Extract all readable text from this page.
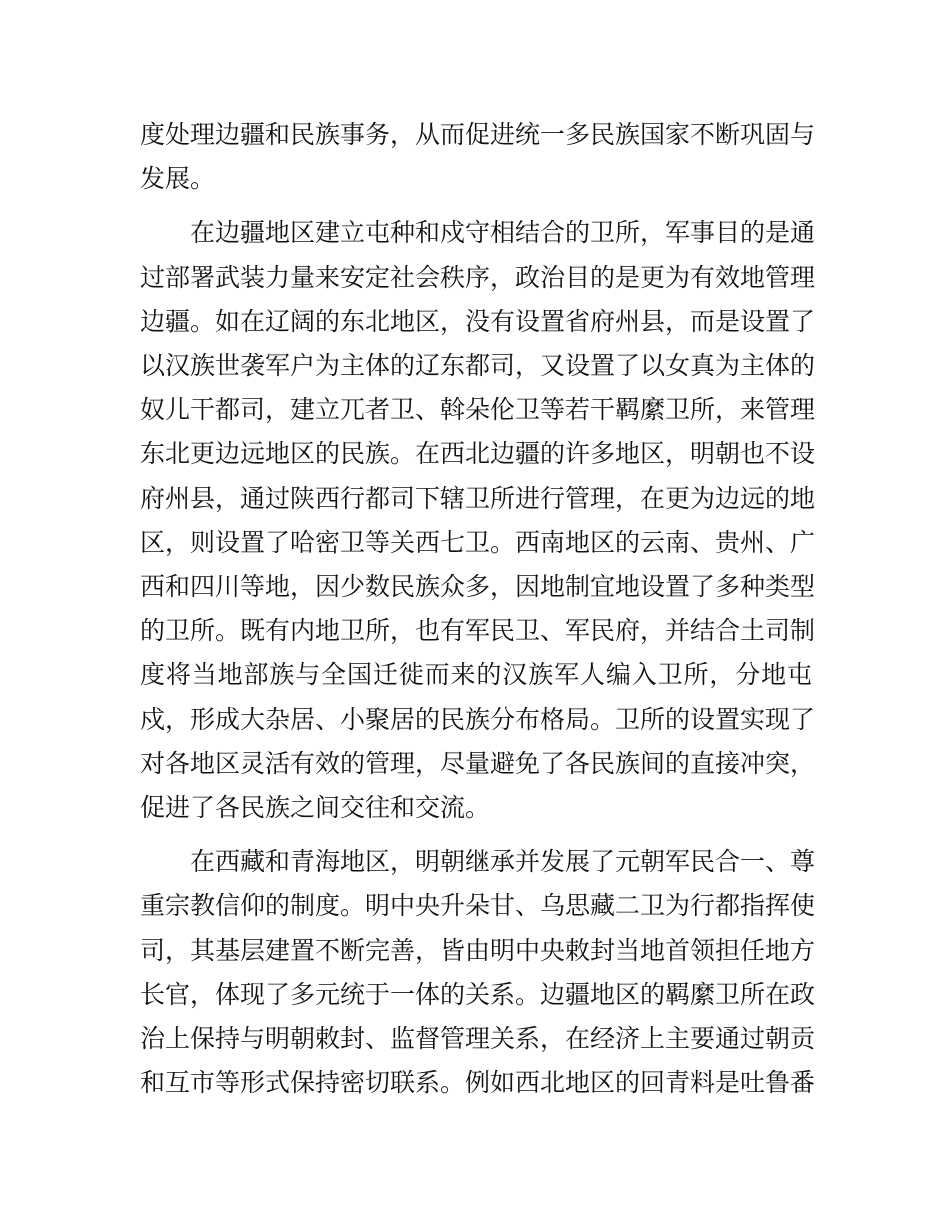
度处理边疆和民族事务，从而促进统一多民族国家不断巩固与
发展。
在边疆地区建立屯种和戍守相结合的卫所，军事目的是通
过部署武装力量来安定社会秩序，政治目的是更为有效地管理
边疆。如在辽阔的东北地区，没有设置省府州县，而是设置了
以汉族世袭军户为主体的辽东都司，又设置了以女真为主体的
奴儿干都司，建立兀者卫、斡朵伦卫等若干羁縻卫所，来管理
东北更边远地区的民族。在西北边疆的许多地区，明朝也不设
府州县，通过陕西行都司下辖卫所进行管理，在更为边远的地
区，则设置了哈密卫等关西七卫。西南地区的云南、贵州、广
西和四川等地，因少数民族众多，因地制宜地设置了多种类型
的卫所。既有内地卫所，也有军民卫、军民府，并结合土司制
度将当地部族与全国迁徙而来的汉族军人编入卫所，分地屯
戍，形成大杂居、小聚居的民族分布格局。卫所的设置实现了
对各地区灵活有效的管理，尽量避免了各民族间的直接冲突，
促进了各民族之间交往和交流。
在西藏和青海地区，明朝继承并发展了元朝军民合一、尊
重宗教信仰的制度。明中央升朵甘、乌思藏二卫为行都指挥使
司，其基层建置不断完善，皆由明中央敕封当地首领担任地方
长官，体现了多元统于一体的关系。边疆地区的羁縻卫所在政
治上保持与明朝敕封、监督管理关系，在经济上主要通过朝贡
和互市等形式保持密切联系。例如西北地区的回青料是吐鲁番
